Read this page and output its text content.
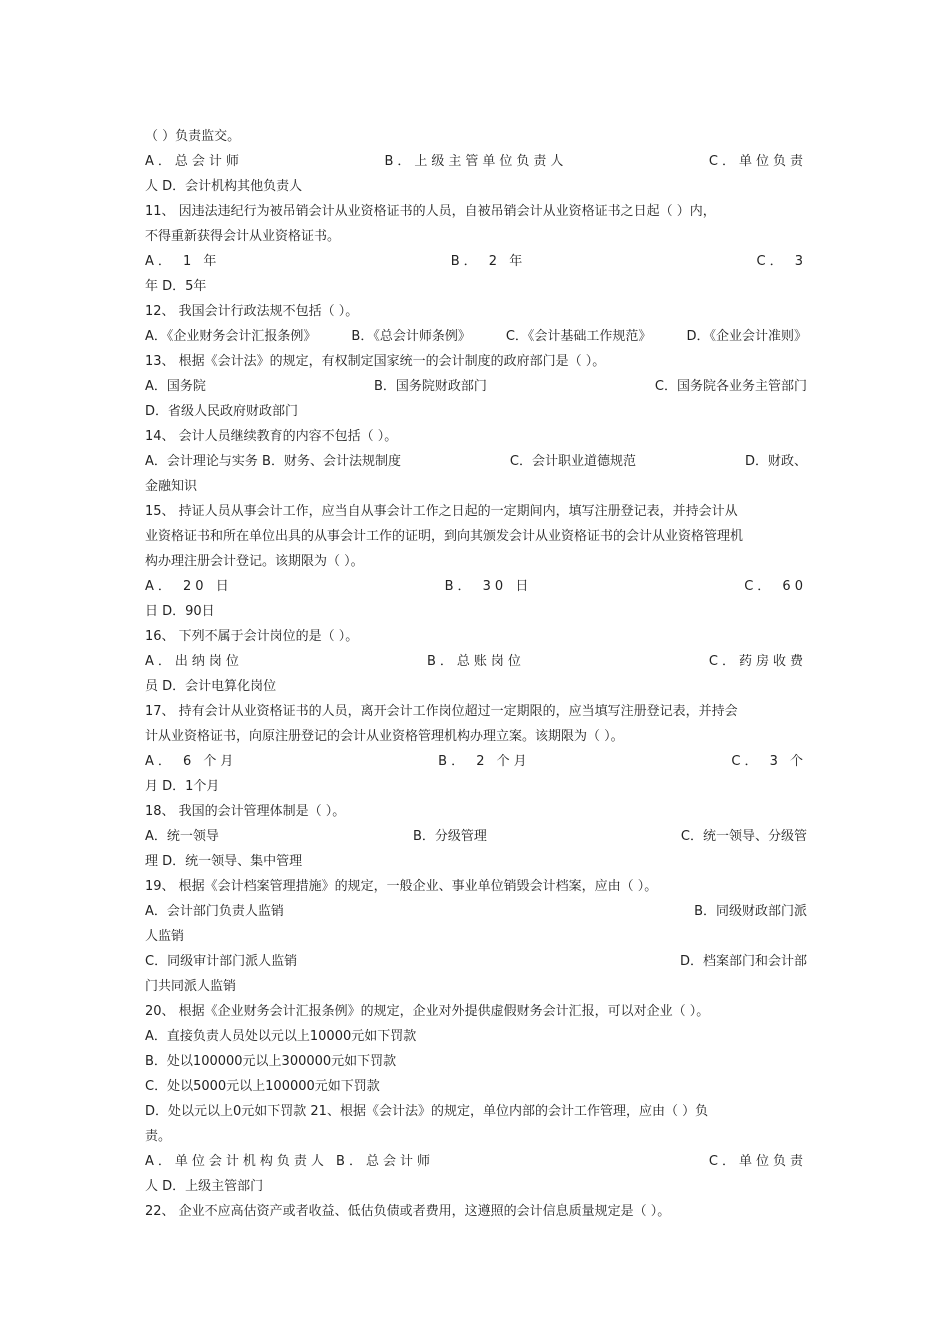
（ ）负责监交。
A．总会计师	B．上级主管单位负责人	C．单位负责
人 D．会计机构其他负责人
11、 因违法违纪行为被吊销会计从业资格证书的人员，自被吊销会计从业资格证书之日起（ ）内，
不得重新获得会计从业资格证书。
A． 1 年	B． 2 年	C． 3
年 D．5年
12、 我国会计行政法规不包括（ ）。
A．《企业财务会计汇报条例》	B．《总会计师条例》	C．《会计基础工作规范》	D．《企业会计准则》
13、 根据《会计法》的规定，有权制定国家统一的会计制度的政府部门是（ ）。
A．国务院	B．国务院财政部门	C．国务院各业务主管部门
D．省级人民政府财政部门
14、 会计人员继续教育的内容不包括（ ）。
A．会计理论与实务 B．财务、会计法规制度	C．会计职业道德规范	D．财政、
金融知识
15、 持证人员从事会计工作，应当自从事会计工作之日起的一定期间内，填写注册登记表，并持会计从
业资格证书和所在单位出具的从事会计工作的证明，到向其颁发会计从业资格证书的会计从业资格管理机
构办理注册会计登记。该期限为（ ）。
A． 20 日	B． 30 日	C． 60
日 D．90日
16、 下列不属于会计岗位的是（ ）。
A．出纳岗位	B．总账岗位	C．药房收费
员 D．会计电算化岗位
17、 持有会计从业资格证书的人员，离开会计工作岗位超过一定期限的，应当填写注册登记表，并持会
计从业资格证书，向原注册登记的会计从业资格管理机构办理立案。该期限为（ ）。
A． 6 个月	B． 2 个月	C． 3 个
月 D．1个月
18、 我国的会计管理体制是（ ）。
A．统一领导	B．分级管理	C．统一领导、分级管
理 D．统一领导、集中管理
19、 根据《会计档案管理措施》的规定，一般企业、事业单位销毁会计档案，应由（ ）。
A．会计部门负责人监销	B．同级财政部门派
人监销
C．同级审计部门派人监销	D．档案部门和会计部
门共同派人监销
20、 根据《企业财务会计汇报条例》的规定，企业对外提供虚假财务会计汇报，可以对企业（ ）。
A．直接负责人员处以元以上10000元如下罚款
B．处以100000元以上300000元如下罚款
C．处以5000元以上100000元如下罚款
D．处以元以上0元如下罚款 21、根据《会计法》的规定，单位内部的会计工作管理，应由（ ）负
责。
A．单位会计机构负责人 B．总会计师	C．单位负责
人 D．上级主管部门
22、 企业不应高估资产或者收益、低估负债或者费用，这遵照的会计信息质量规定是（ ）。
